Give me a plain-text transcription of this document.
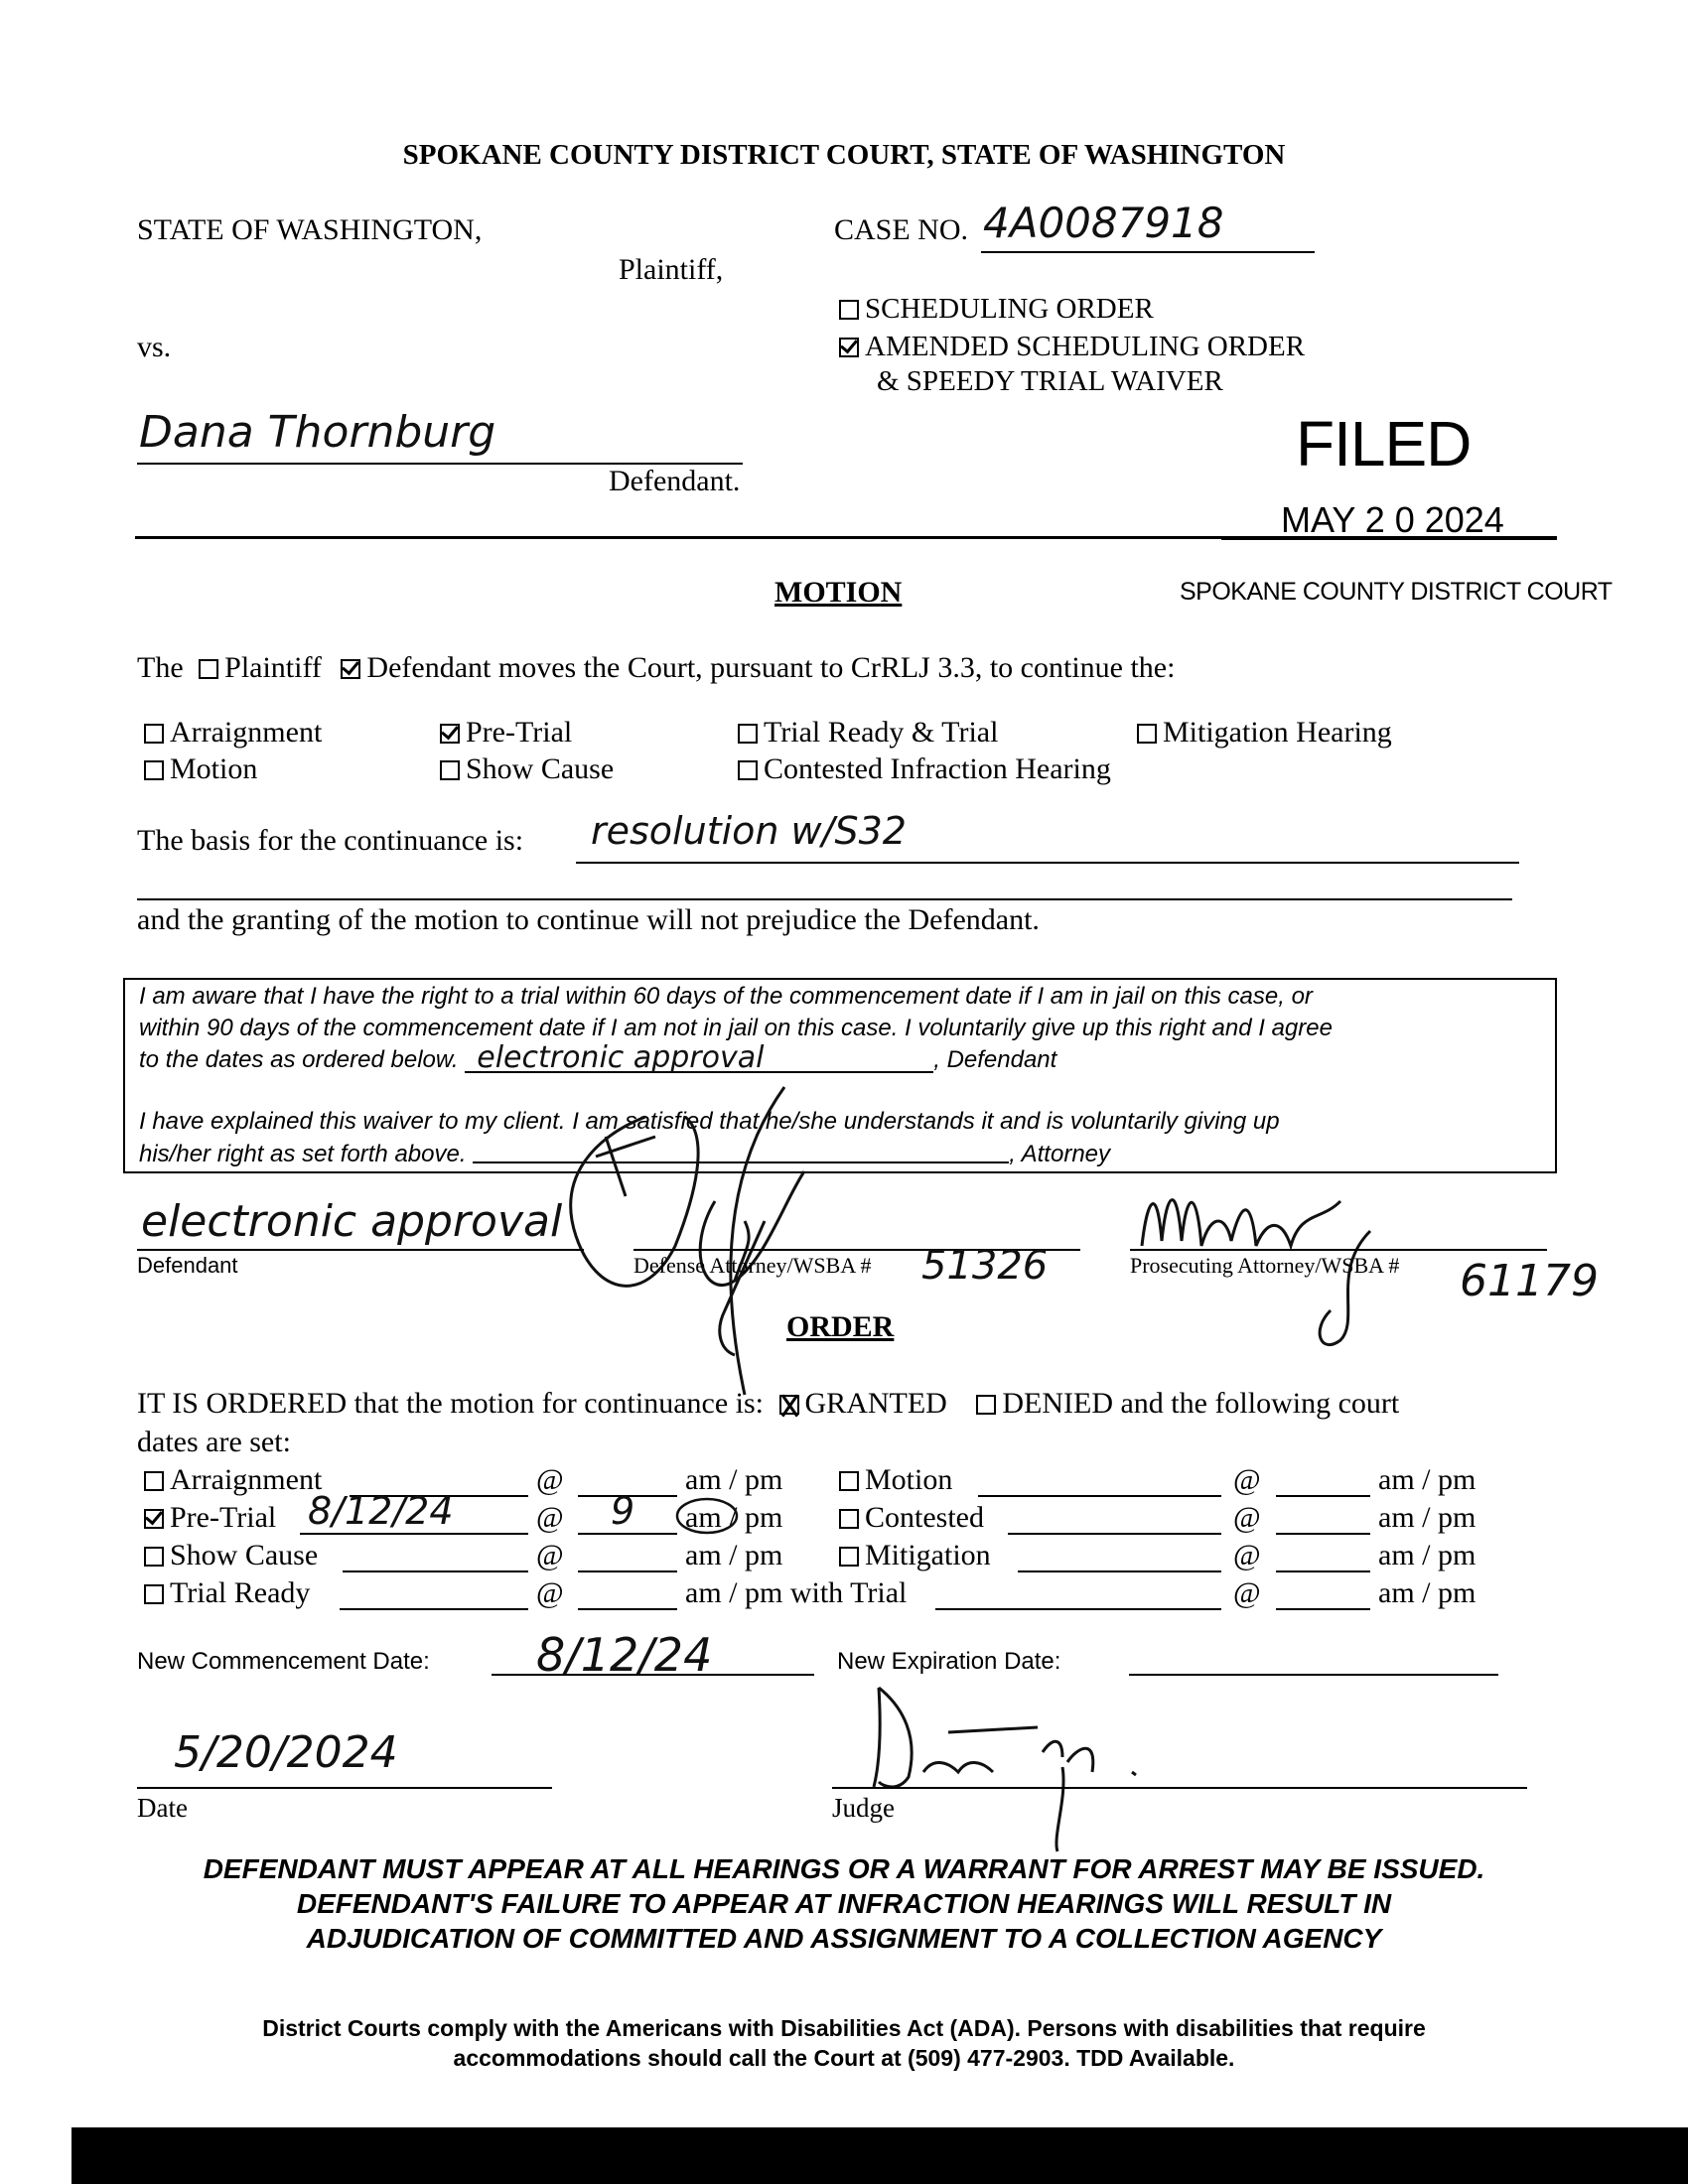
SPOKANE COUNTY DISTRICT COURT, STATE OF WASHINGTON
STATE OF WASHINGTON,
Plaintiff,
vs.
Dana Thornburg
Defendant.
CASE NO. 4A0087918
SCHEDULING ORDER
AMENDED SCHEDULING ORDER
& SPEEDY TRIAL WAIVER
FILED
MAY 2 0 2024
SPOKANE COUNTY DISTRICT COURT
MOTION
The Plaintiff Defendant moves the Court, pursuant to CrRLJ 3.3, to continue the:
Arraignment	Pre-Trial	Trial Ready & Trial	Mitigation Hearing
Motion	Show Cause	Contested Infraction Hearing
The basis for the continuance is: resolution w/S32
and the granting of the motion to continue will not prejudice the Defendant.
I am aware that I have the right to a trial within 60 days of the commencement date if I am in jail on this case, or
within 90 days of the commencement date if I am not in jail on this case. I voluntarily give up this right and I agree
to the dates as ordered below. electronic approval	, Defendant
I have explained this waiver to my client. I am satisfied that he/she understands it and is voluntarily giving up
his/her right as set forth above.	, Attorney
electronic approval
Defendant	Defense Attorney/WSBA # 51326	Prosecuting Attorney/WSBA # 61179
ORDER
IT IS ORDERED that the motion for continuance is: GRANTED DENIED and the following court
dates are set:
Arraignment	@	am / pm	Motion	@	am / pm
Pre-Trial 8/12/24	@ 9 am / pm	Contested	@	am / pm
Show Cause	@	am / pm	Mitigation	@	am / pm
Trial Ready	@	am / pm with Trial	@	am / pm
New Commencement Date: 8/12/24	New Expiration Date:
5/20/2024
Date	Judge
DEFENDANT MUST APPEAR AT ALL HEARINGS OR A WARRANT FOR ARREST MAY BE ISSUED.
DEFENDANT'S FAILURE TO APPEAR AT INFRACTION HEARINGS WILL RESULT IN
ADJUDICATION OF COMMITTED AND ASSIGNMENT TO A COLLECTION AGENCY
District Courts comply with the Americans with Disabilities Act (ADA). Persons with disabilities that require
accommodations should call the Court at (509) 477-2903. TDD Available.
